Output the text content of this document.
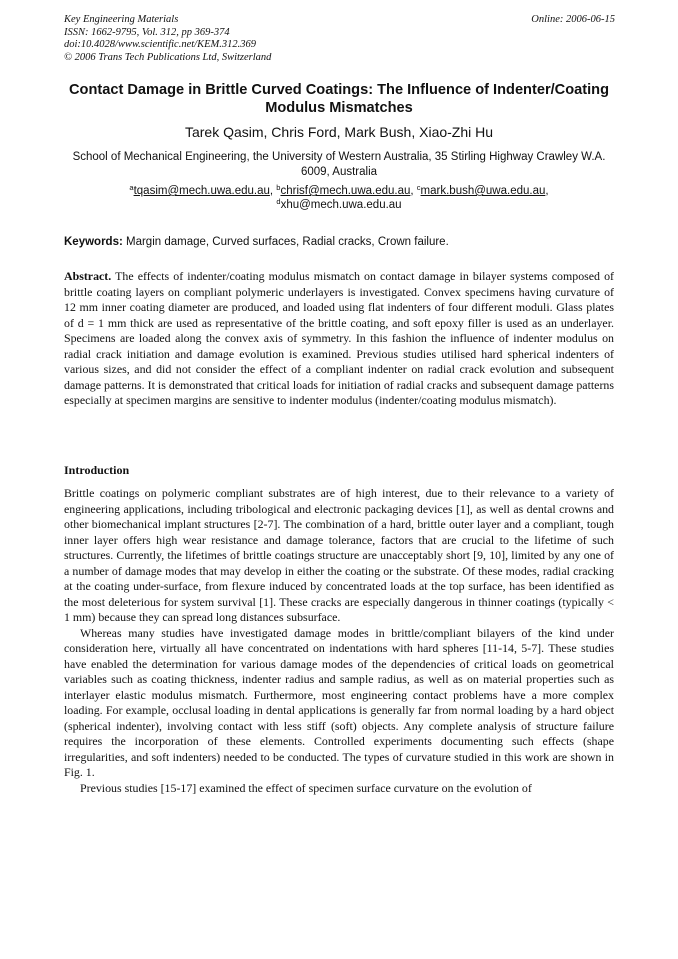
Key Engineering Materials
ISSN: 1662-9795, Vol. 312, pp 369-374
doi:10.4028/www.scientific.net/KEM.312.369
© 2006 Trans Tech Publications Ltd, Switzerland
Online: 2006-06-15
Contact Damage in Brittle Curved Coatings: The Influence of Indenter/Coating Modulus Mismatches
Tarek Qasim, Chris Ford, Mark Bush, Xiao-Zhi Hu
School of Mechanical Engineering, the University of Western Australia, 35 Stirling Highway Crawley W.A. 6009, Australia
$^a$tqasim@mech.uwa.edu.au, $^b$chrisf@mech.uwa.edu.au, $^c$mark.bush@uwa.edu.au,
$^d$xhu@mech.uwa.edu.au
Keywords: Margin damage, Curved surfaces, Radial cracks, Crown failure.
Abstract. The effects of indenter/coating modulus mismatch on contact damage in bilayer systems composed of brittle coating layers on compliant polymeric underlayers is investigated. Convex specimens having curvature of 12 mm inner coating diameter are produced, and loaded using flat indenters of four different moduli. Glass plates of d = 1 mm thick are used as representative of the brittle coating, and soft epoxy filler is used as an underlayer. Specimens are loaded along the convex axis of symmetry. In this fashion the influence of indenter modulus on radial crack initiation and damage evolution is examined. Previous studies utilised hard spherical indenters of various sizes, and did not consider the effect of a compliant indenter on radial crack evolution and subsequent damage patterns. It is demonstrated that critical loads for initiation of radial cracks and subsequent damage patterns especially at specimen margins are sensitive to indenter modulus (indenter/coating modulus mismatch).
Introduction

Brittle coatings on polymeric compliant substrates are of high interest, due to their relevance to a variety of engineering applications, including tribological and electronic packaging devices [1], as well as dental crowns and other biomechanical implant structures [2-7]. The combination of a hard, brittle outer layer and a compliant, tough inner layer offers high wear resistance and damage tolerance, factors that are crucial to the lifetime of such structures. Currently, the lifetimes of brittle coatings structure are unacceptably short [9, 10], limited by any one of a number of damage modes that may develop in either the coating or the substrate. Of these modes, radial cracking at the coating under-surface, from flexure induced by concentrated loads at the top surface, has been identified as the most deleterious for system survival [1]. These cracks are especially dangerous in thinner coatings (typically < 1 mm) because they can spread long distances subsurface.

Whereas many studies have investigated damage modes in brittle/compliant bilayers of the kind under consideration here, virtually all have concentrated on indentations with hard spheres [11-14, 5-7]. These studies have enabled the determination for various damage modes of the dependencies of critical loads on geometrical variables such as coating thickness, indenter radius and sample radius, as well as on material properties such as interlayer elastic modulus mismatch. Furthermore, most engineering contact problems have a more complex loading. For example, occlusal loading in dental applications is generally far from normal loading by a hard object (spherical indenter), involving contact with less stiff (soft) objects. Any complete analysis of structure failure requires the incorporation of these elements. Controlled experiments documenting such effects (shape irregularities, and soft indenters) needed to be conducted. The types of curvature studied in this work are shown in Fig. 1.

Previous studies [15-17] examined the effect of specimen surface curvature on the evolution of
